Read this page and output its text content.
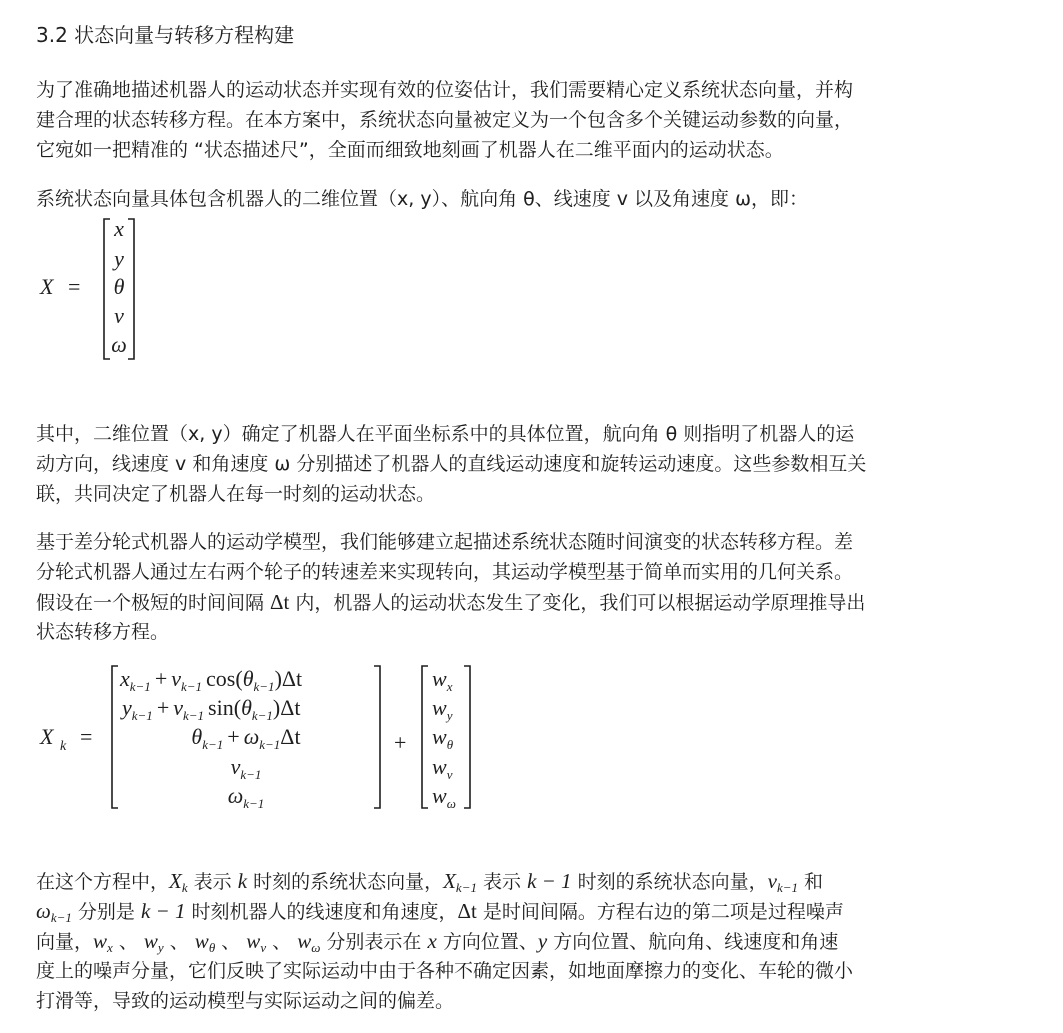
3.2 状态向量与转移方程构建
为了准确地描述机器人的运动状态并实现有效的位姿估计，我们需要精心定义系统状态向量，并构
建合理的状态转移方程。在本方案中，系统状态向量被定义为一个包含多个关键运动参数的向量，
它宛如一把精准的 “状态描述尺”，全面而细致地刻画了机器人在二维平面内的运动状态。
系统状态向量具体包含机器人的二维位置（x, y）、航向角 θ、线速度 v 以及角速度 ω，即：
X =
x
y
θ
v
ω
其中，二维位置（x, y）确定了机器人在平面坐标系中的具体位置，航向角 θ 则指明了机器人的运
动方向，线速度 v 和角速度 ω 分别描述了机器人的直线运动速度和旋转运动速度。这些参数相互关
联，共同决定了机器人在每一时刻的运动状态。
基于差分轮式机器人的运动学模型，我们能够建立起描述系统状态随时间演变的状态转移方程。差
分轮式机器人通过左右两个轮子的转速差来实现转向，其运动学模型基于简单而实用的几何关系。
假设在一个极短的时间间隔 Δt 内，机器人的运动状态发生了变化，我们可以根据运动学原理推导出
状态转移方程。
X k =
$x_{k-1} + v_{k-1}$ $\cos(\theta_{k-1})\Delta t$
$y_{k-1} + v_{k-1}$ $\sin(\theta_{k-1})\Delta t$
$\theta_{k-1} + \omega_{k-1}\Delta t$
$v_{k-1}$
$\omega_{k-1}$
+
$w_x$
$w_y$
$w_\theta$
$w_v$
$w_\omega$
在这个方程中，$X_k$ 表示 k 时刻的系统状态向量，$X_{k-1}$ 表示 k − 1 时刻的系统状态向量，$v_{k-1}$ 和
$\omega_{k-1}$ 分别是 k − 1 时刻机器人的线速度和角速度，Δt 是时间间隔。方程右边的第二项是过程噪声
向量，$w_x$ 、 $w_y$ 、 $w_\theta$ 、 $w_v$ 、 $w_\omega$ 分别表示在 x 方向位置、y 方向位置、航向角、线速度和角速
度上的噪声分量，它们反映了实际运动中由于各种不确定因素，如地面摩擦力的变化、车轮的微小
打滑等，导致的运动模型与实际运动之间的偏差。
